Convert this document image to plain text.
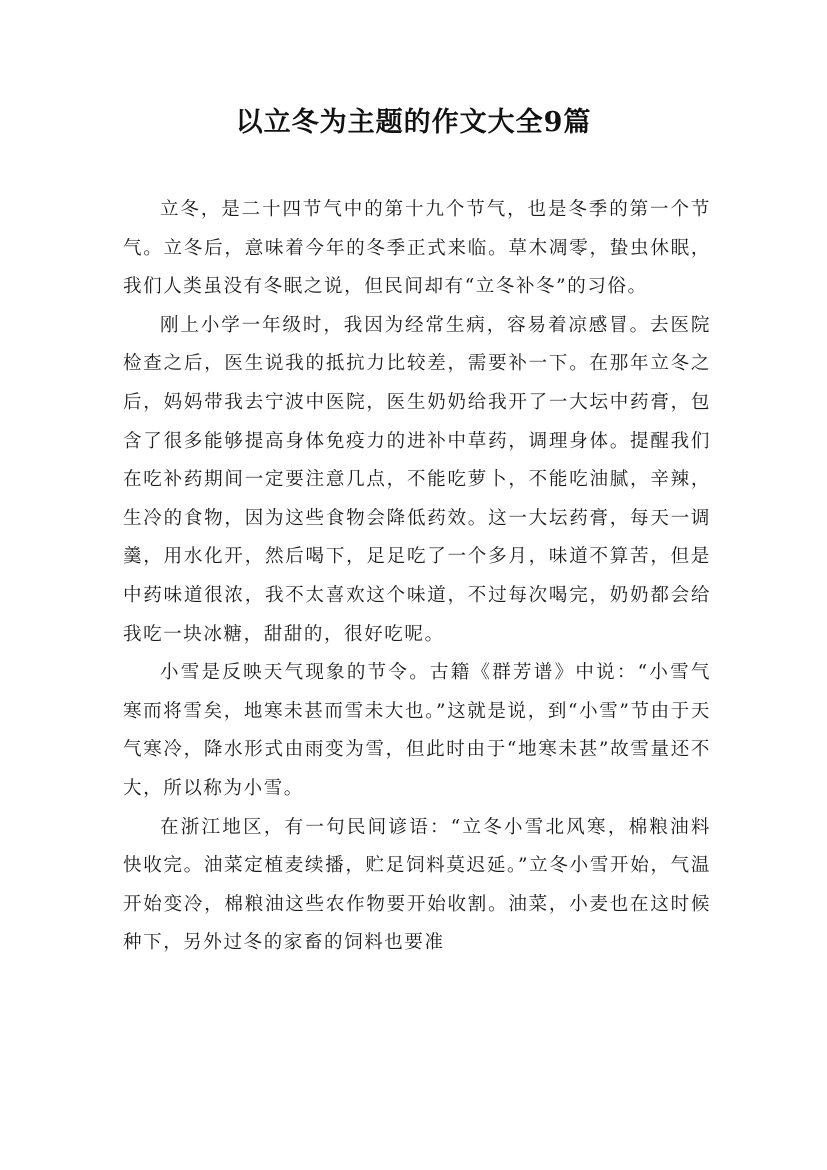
以立冬为主题的作文大全9篇

立冬，是二十四节气中的第十九个节气，也是冬季的第一个节气。立冬后，意味着今年的冬季正式来临。草木凋零，蛰虫休眠，我们人类虽没有冬眠之说，但民间却有“立冬补冬”的习俗。

刚上小学一年级时，我因为经常生病，容易着凉感冒。去医院检查之后，医生说我的抵抗力比较差，需要补一下。在那年立冬之后，妈妈带我去宁波中医院，医生奶奶给我开了一大坛中药膏，包含了很多能够提高身体免疫力的进补中草药，调理身体。提醒我们在吃补药期间一定要注意几点，不能吃萝卜，不能吃油腻，辛辣，生冷的食物，因为这些食物会降低药效。这一大坛药膏，每天一调羹，用水化开，然后喝下，足足吃了一个多月，味道不算苦，但是中药味道很浓，我不太喜欢这个味道，不过每次喝完，奶奶都会给我吃一块冰糖，甜甜的，很好吃呢。

小雪是反映天气现象的节令。古籍《群芳谱》中说：“小雪气寒而将雪矣，地寒未甚而雪未大也。”这就是说，到“小雪”节由于天气寒冷，降水形式由雨变为雪，但此时由于“地寒未甚”故雪量还不大，所以称为小雪。

在浙江地区，有一句民间谚语：“立冬小雪北风寒，棉粮油料快收完。油菜定植麦续播，贮足饲料莫迟延。”立冬小雪开始，气温开始变冷，棉粮油这些农作物要开始收割。油菜，小麦也在这时候种下，另外过冬的家畜的饲料也要准
